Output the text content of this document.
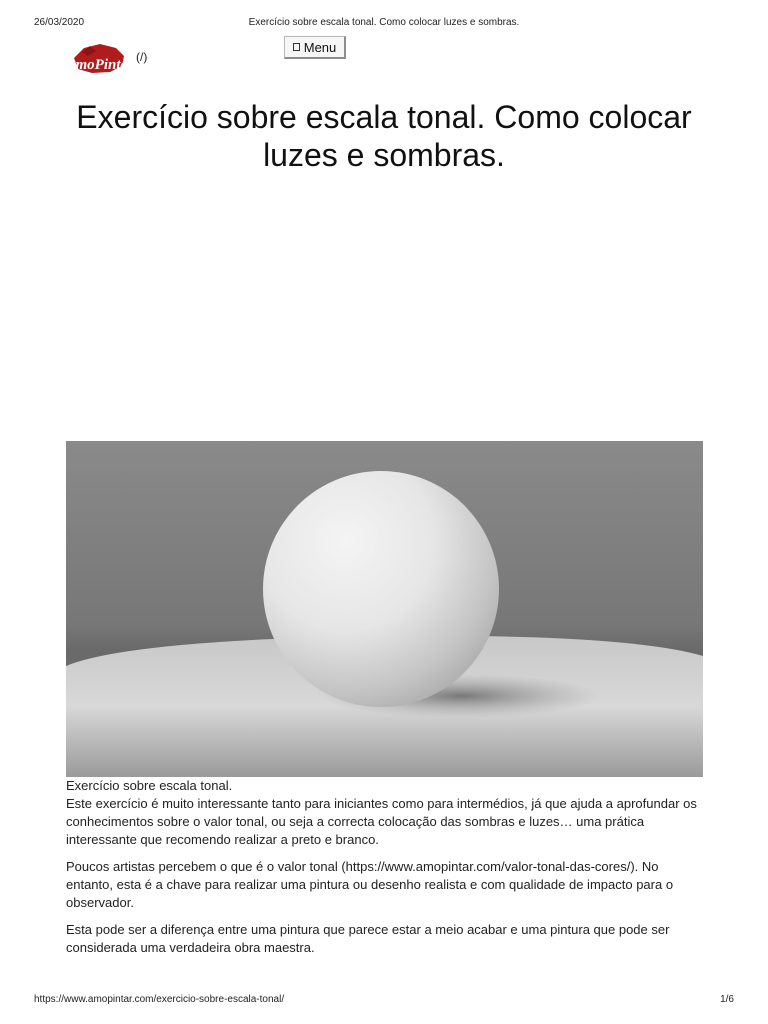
26/03/2020	Exercício sobre escala tonal. Como colocar luzes e sombras.
amoPintar (/)
Menu
Exercício sobre escala tonal. Como colocar luzes e sombras.
Exercício sobre escala tonal.

Este exercício é muito interessante tanto para iniciantes como para intermédios, já que ajuda a aprofundar os conhecimentos sobre o valor tonal, ou seja a correcta colocação das sombras e luzes… uma prática interessante que recomendo realizar a preto e branco.

Poucos artistas percebem o que é o valor tonal (https://www.amopintar.com/valor-tonal-das-cores/). No entanto, esta é a chave para realizar uma pintura ou desenho realista e com qualidade de impacto para o observador.

Esta pode ser a diferença entre uma pintura que parece estar a meio acabar e uma pintura que pode ser considerada uma verdadeira obra maestra.

https://www.amopintar.com/exercicio-sobre-escala-tonal/	1/6
